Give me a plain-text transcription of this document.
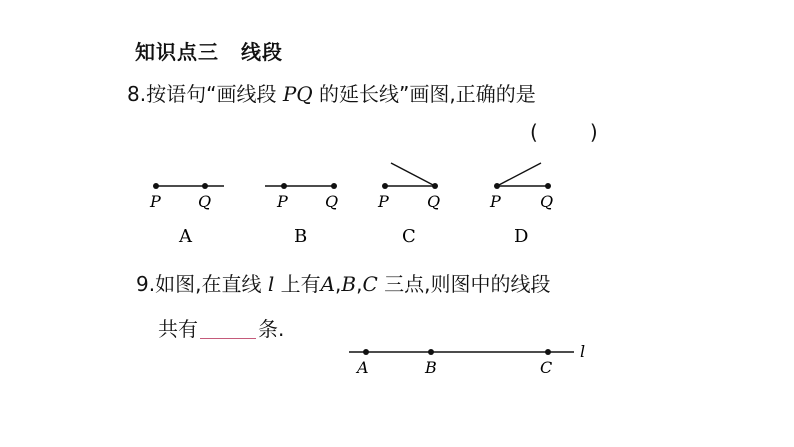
知识点三 线段
8.按语句“画线段 PQ 的延长线”画图,正确的是
(	)
P Q
A
P Q
B
P Q
C
P Q
D
A	B	C
l
9.如图,在直线 l 上有A,B,C 三点,则图中的线段
共有	条.
